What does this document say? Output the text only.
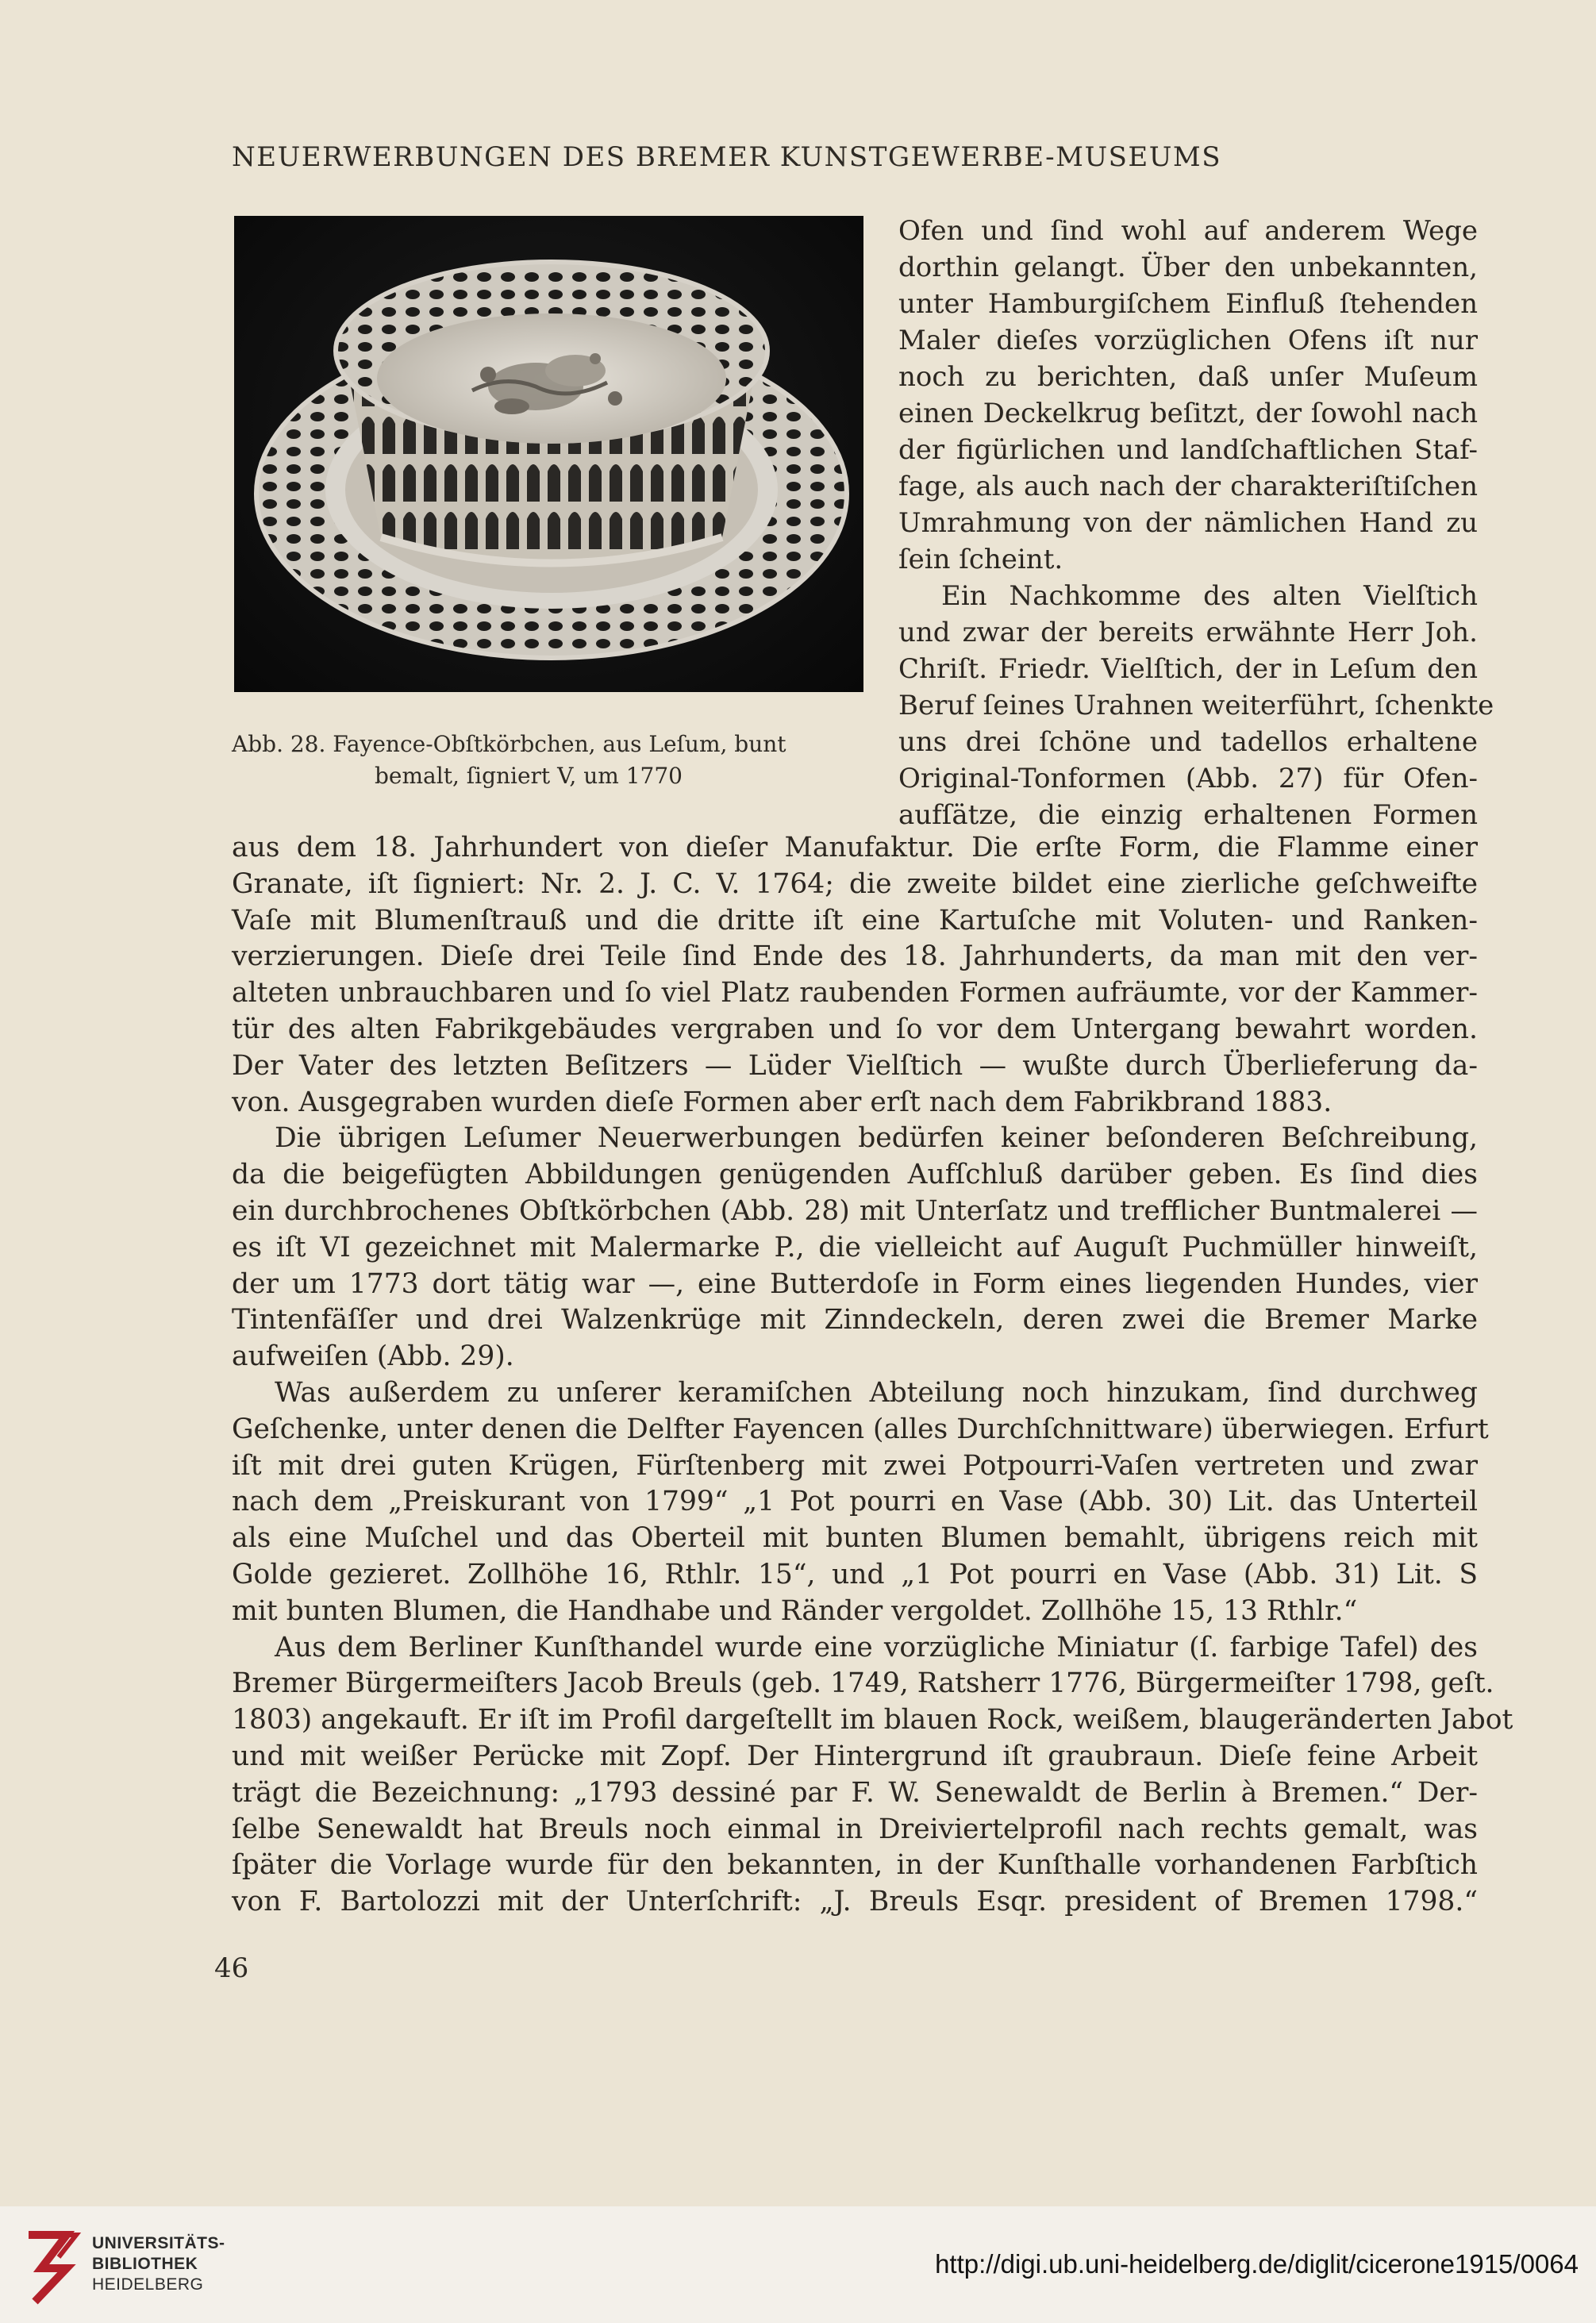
NEUERWERBUNGEN DES BREMER KUNSTGEWERBE-MUSEUMS
Abb. 28. Fayence-Obſtkörbchen, aus Leſum, bunt
bemalt, ſigniert V, um 1770
Ofen und ſind wohl auf anderem Wege
dorthin gelangt. Über den unbekannten,
unter Hamburgiſchem Einfluß ſtehenden
Maler dieſes vorzüglichen Ofens iſt nur
noch zu berichten, daß unſer Muſeum
einen Deckelkrug beſitzt, der ſowohl nach
der figürlichen und landſchaftlichen Staf-
fage, als auch nach der charakteriſtiſchen
Umrahmung von der nämlichen Hand zu
ſein ſcheint.
Ein Nachkomme des alten Vielſtich
und zwar der bereits erwähnte Herr Joh.
Chriſt. Friedr. Vielſtich, der in Leſum den
Beruf ſeines Urahnen weiterführt, ſchenkte
uns drei ſchöne und tadellos erhaltene
Original-Tonformen (Abb. 27) für Ofen-
aufſätze, die einzig erhaltenen Formen
aus dem 18. Jahrhundert von dieſer Manufaktur. Die erſte Form, die Flamme einer
Granate, iſt ſigniert: Nr. 2. J. C. V. 1764; die zweite bildet eine zierliche geſchweifte
Vaſe mit Blumenſtrauß und die dritte iſt eine Kartuſche mit Voluten- und Ranken-
verzierungen. Dieſe drei Teile ſind Ende des 18. Jahrhunderts, da man mit den ver-
alteten unbrauchbaren und ſo viel Platz raubenden Formen aufräumte, vor der Kammer-
tür des alten Fabrikgebäudes vergraben und ſo vor dem Untergang bewahrt worden.
Der Vater des letzten Beſitzers — Lüder Vielſtich — wußte durch Überlieferung da-
von. Ausgegraben wurden dieſe Formen aber erſt nach dem Fabrikbrand 1883.
Die übrigen Leſumer Neuerwerbungen bedürfen keiner beſonderen Beſchreibung,
da die beigefügten Abbildungen genügenden Aufſchluß darüber geben. Es ſind dies
ein durchbrochenes Obſtkörbchen (Abb. 28) mit Unterſatz und trefflicher Buntmalerei —
es iſt VI gezeichnet mit Malermarke P., die vielleicht auf Auguſt Puchmüller hinweiſt,
der um 1773 dort tätig war —, eine Butterdoſe in Form eines liegenden Hundes, vier
Tintenfäſſer und drei Walzenkrüge mit Zinndeckeln, deren zwei die Bremer Marke
aufweiſen (Abb. 29).
Was außerdem zu unſerer keramiſchen Abteilung noch hinzukam, ſind durchweg
Geſchenke, unter denen die Delfter Fayencen (alles Durchſchnittware) überwiegen. Erfurt
iſt mit drei guten Krügen, Fürſtenberg mit zwei Potpourri-Vaſen vertreten und zwar
nach dem „Preiskurant von 1799“ „1 Pot pourri en Vase (Abb. 30) Lit. das Unterteil
als eine Muſchel und das Oberteil mit bunten Blumen bemahlt, übrigens reich mit
Golde gezieret. Zollhöhe 16, Rthlr. 15“, und „1 Pot pourri en Vase (Abb. 31) Lit. S
mit bunten Blumen, die Handhabe und Ränder vergoldet. Zollhöhe 15, 13 Rthlr.“
Aus dem Berliner Kunſthandel wurde eine vorzügliche Miniatur (ſ. farbige Tafel) des
Bremer Bürgermeiſters Jacob Breuls (geb. 1749, Ratsherr 1776, Bürgermeiſter 1798, geſt.
1803) angekauft. Er iſt im Profil dargeſtellt im blauen Rock, weißem, blaugeränderten Jabot
und mit weißer Perücke mit Zopf. Der Hintergrund iſt graubraun. Dieſe feine Arbeit
trägt die Bezeichnung: „1793 dessiné par F. W. Senewaldt de Berlin à Bremen.“ Der-
ſelbe Senewaldt hat Breuls noch einmal in Dreiviertelprofil nach rechts gemalt, was
ſpäter die Vorlage wurde für den bekannten, in der Kunſthalle vorhandenen Farbſtich
von F. Bartolozzi mit der Unterſchrift: „J. Breuls Esqr. president of Bremen 1798.“
46
UNIVERSITÄTS-
BIBLIOTHEK
HEIDELBERG
http://digi.ub.uni-heidelberg.de/diglit/cicerone1915/0064
